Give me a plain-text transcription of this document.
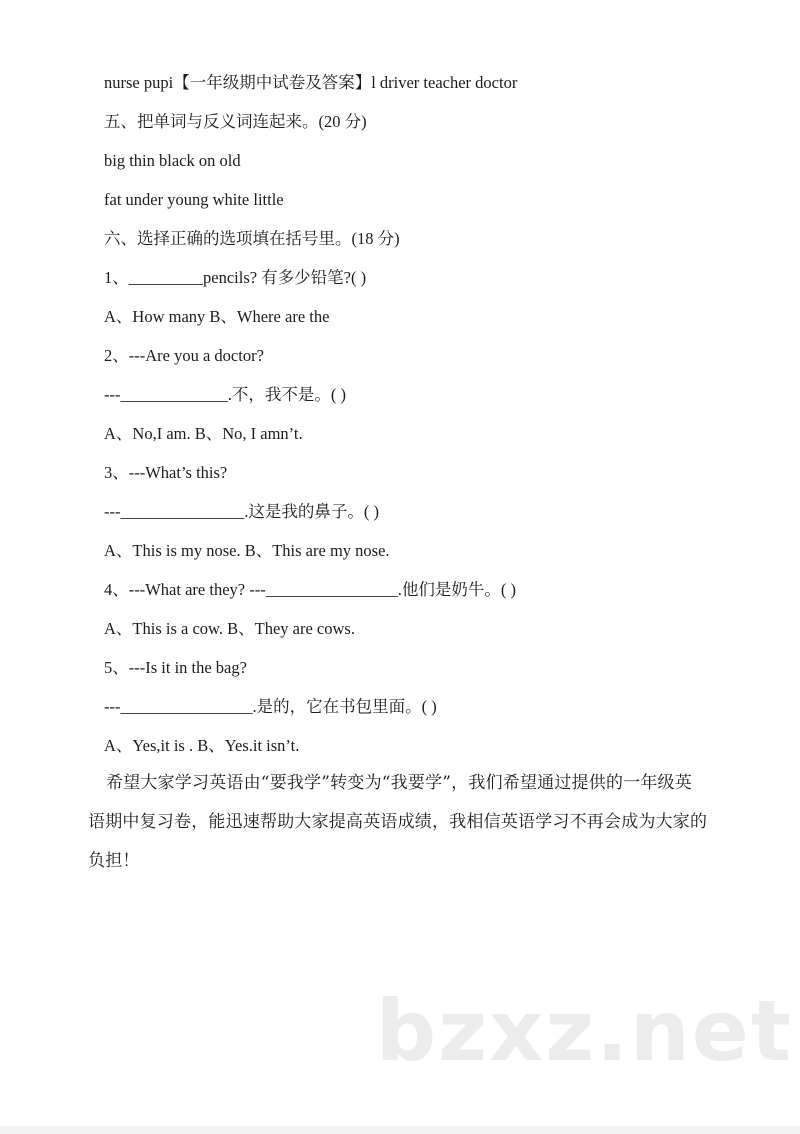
nurse pupi【一年级期中试卷及答案】l driver teacher doctor
五、把单词与反义词连起来。(20 分)
big thin black on old
fat under young white little
六、选择正确的选项填在括号里。(18 分)
1、_________pencils? 有多少铅笔?( )
A、How many B、Where are the
2、---Are you a doctor?
---_____________.不，我不是。( )
A、No,I am. B、No, I amn’t.
3、---What’s this?
---_______________.这是我的鼻子。( )
A、This is my nose. B、This are my nose.
4、---What are they? ---________________.他们是奶牛。( )
A、This is a cow. B、They are cows.
5、---Is it in the bag?
---________________.是的，它在书包里面。( )
A、Yes,it is . B、Yes.it isn’t.
希望大家学习英语由“要我学”转变为“我要学”，我们希望通过提供的一年级英语期中复习卷，能迅速帮助大家提高英语成绩，我相信英语学习不再会成为大家的负担！
bzxz.net
